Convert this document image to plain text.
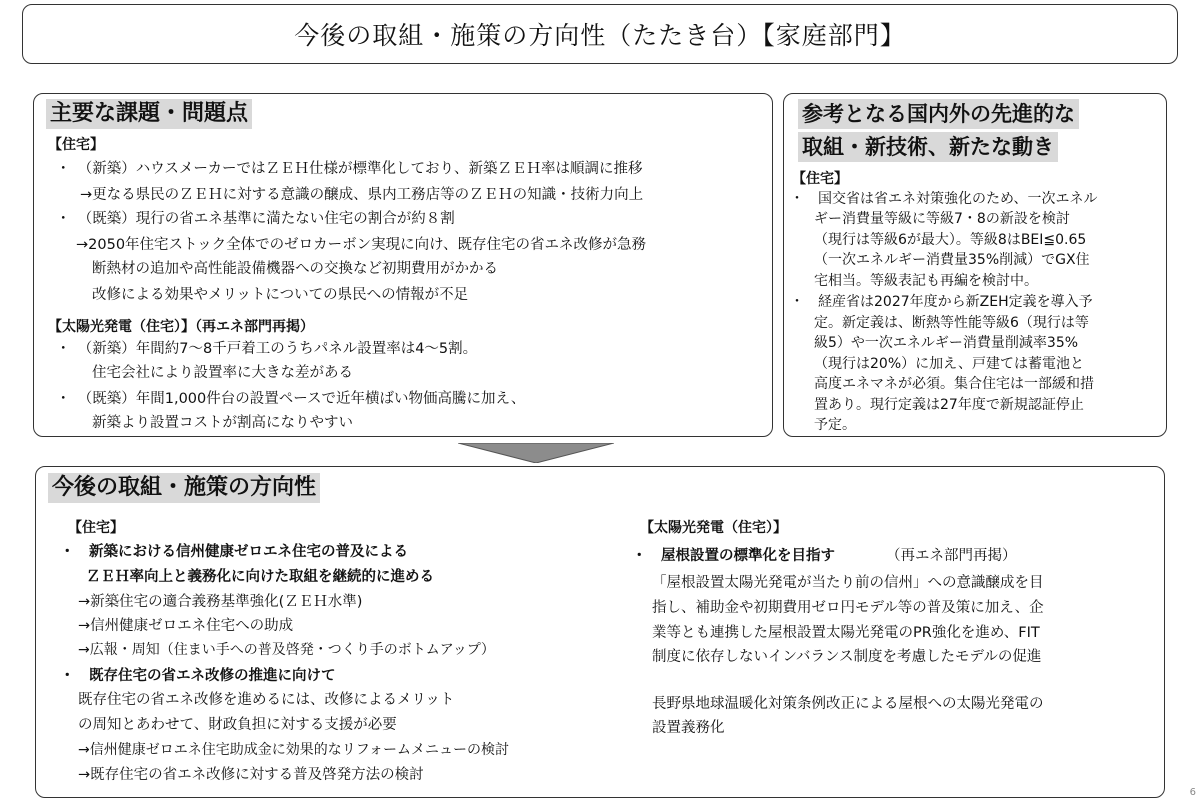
今後の取組・施策の方向性（たたき台）【家庭部門】
主要な課題・問題点
【住宅】
・　（新築）ハウスメーカーではＺＥＨ仕様が標準化しており、新築ＺＥＨ率は順調に推移
→更なる県民のＺＥＨに対する意識の醸成、県内工務店等のＺＥＨの知識・技術力向上
・　（既築）現行の省エネ基準に満たない住宅の割合が約８割
→2050年住宅ストック全体でのゼロカーボン実現に向け、既存住宅の省エネ改修が急務
断熱材の追加や高性能設備機器への交換など初期費用がかかる
改修による効果やメリットについての県民への情報が不足
【太陽光発電（住宅）】（再エネ部門再掲）
・　（新築）年間約7～8千戸着工のうちパネル設置率は4～5割。
住宅会社により設置率に大きな差がある
・　（既築）年間1,000件台の設置ペースで近年横ばい物価高騰に加え、
新築より設置コストが割高になりやすい
参考となる国内外の先進的な
取組・新技術、新たな動き
【住宅】
・　国交省は省エネ対策強化のため、一次エネル
ギー消費量等級に等級7・8の新設を検討
（現行は等級6が最大）。等級8はBEI≦0.65
（一次エネルギー消費量35%削減）でGX住
宅相当。等級表記も再編を検討中。
・　経産省は2027年度から新ZEH定義を導入予
定。新定義は、断熱等性能等級6（現行は等
級5）や一次エネルギー消費量削減率35%
（現行は20%）に加え、戸建ては蓄電池と
高度エネマネが必須。集合住宅は一部緩和措
置あり。現行定義は27年度で新規認証停止
予定。
今後の取組・施策の方向性
【住宅】
・　新築における信州健康ゼロエネ住宅の普及による
ＺＥＨ率向上と義務化に向けた取組を継続的に進める
→新築住宅の適合義務基準強化(ＺＥＨ水準)
→信州健康ゼロエネ住宅への助成
→広報・周知（住まい手への普及啓発・つくり手のボトムアップ）
・　既存住宅の省エネ改修の推進に向けて
既存住宅の省エネ改修を進めるには、改修によるメリット
の周知とあわせて、財政負担に対する支援が必要
→信州健康ゼロエネ住宅助成金に効果的なリフォームメニューの検討
→既存住宅の省エネ改修に対する普及啓発方法の検討
【太陽光発電（住宅）】
・　屋根設置の標準化を目指す	（再エネ部門再掲）
「屋根設置太陽光発電が当たり前の信州」への意識醸成を目
指し、補助金や初期費用ゼロ円モデル等の普及策に加え、企
業等とも連携した屋根設置太陽光発電のPR強化を進め、FIT
制度に依存しないインバランス制度を考慮したモデルの促進
長野県地球温暖化対策条例改正による屋根への太陽光発電の
設置義務化
6
